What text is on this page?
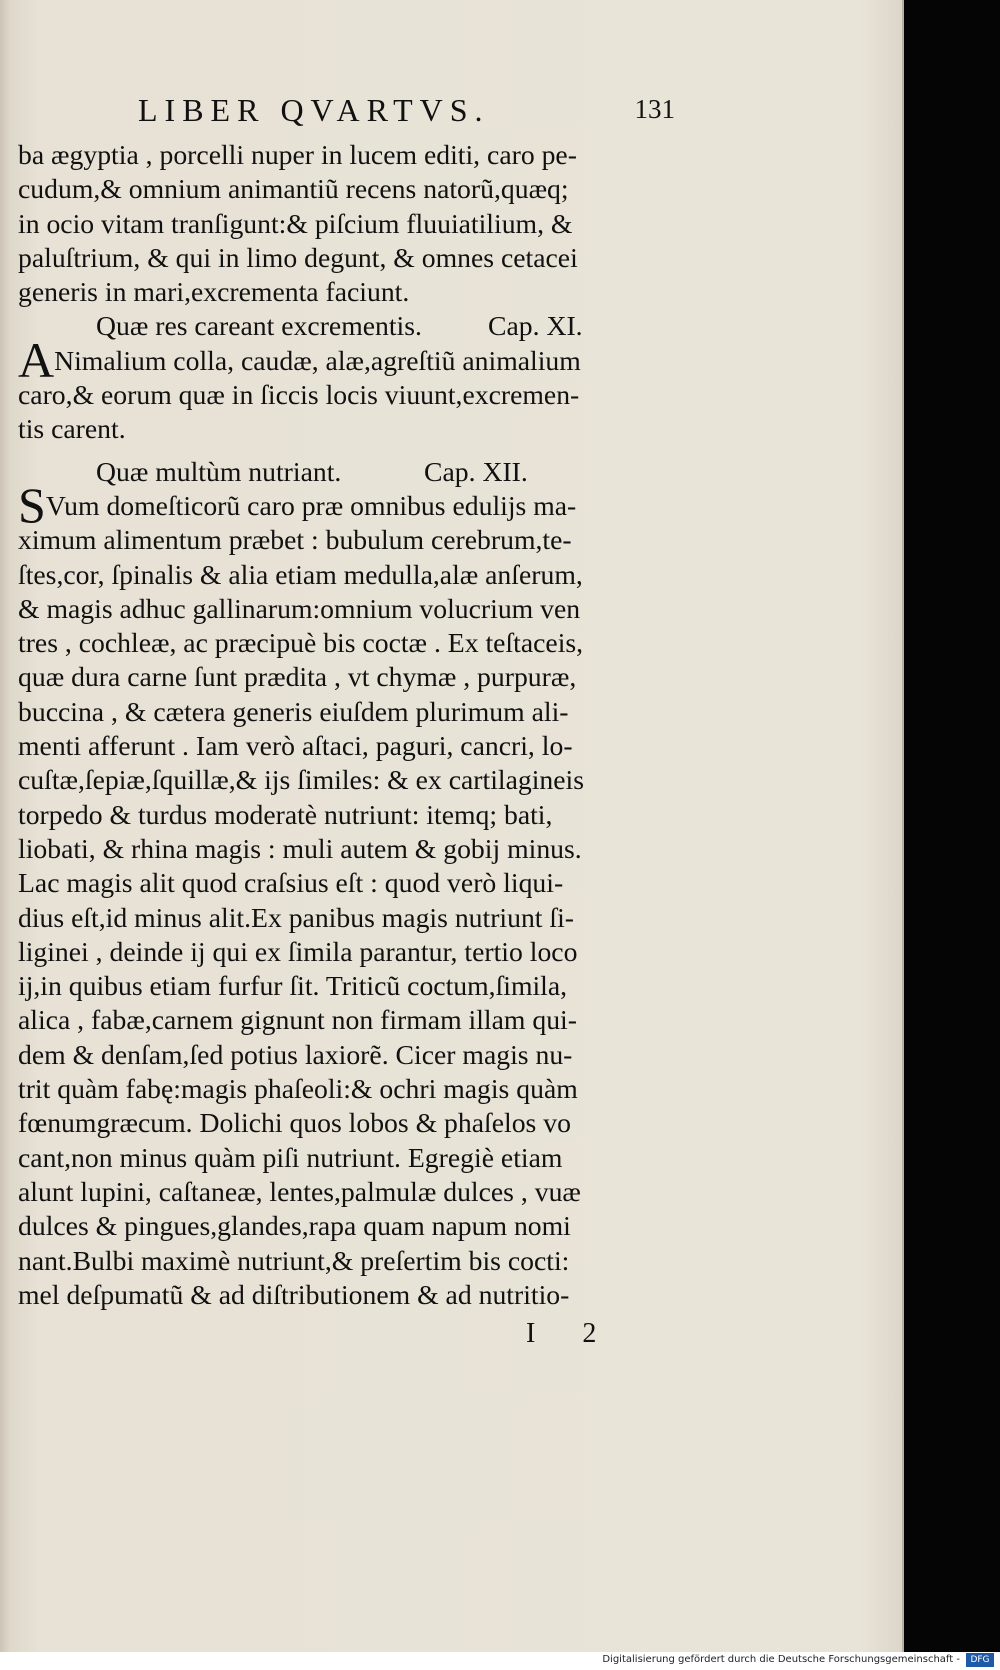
LIBER QVARTVS.	131
ba ægyptia , porcelli nuper in lucem editi, caro pe-
cudum,& omnium animantiũ recens natorũ,quæq;
in ocio vitam tranſigunt:& piſcium fluuiatilium, &
paluſtrium, & qui in limo degunt, & omnes cetacei
generis in mari,excrementa faciunt.
Quæ res careant excrementis. Cap. XI.
ANimalium colla, caudæ, alæ,agreſtiũ animalium
caro,& eorum quæ in ſiccis locis viuunt,excremen-
tis carent.
Quæ multùm nutriant.	Cap. XII.
SVum domeſticorũ caro præ omnibus edulijs ma-
ximum alimentum præbet : bubulum cerebrum,te-
ſtes,cor, ſpinalis & alia etiam medulla,alæ anſerum,
& magis adhuc gallinarum:omnium volucrium ven
tres , cochleæ, ac præcipuè bis coctæ . Ex teſtaceis,
quæ dura carne ſunt prædita , vt chymæ , purpuræ,
buccina , & cætera generis eiuſdem plurimum ali-
menti afferunt . Iam verò aſtaci, paguri, cancri, lo-
cuſtæ,ſepiæ,ſquillæ,& ijs ſimiles: & ex cartilagineis
torpedo & turdus moderatè nutriunt: itemq; bati,
liobati, & rhina magis : muli autem & gobij minus.
Lac magis alit quod craſsius eſt : quod verò liqui-
dius eſt,id minus alit.Ex panibus magis nutriunt ſi-
liginei , deinde ij qui ex ſimila parantur, tertio loco
ij,in quibus etiam furfur ſit. Triticũ coctum,ſimila,
alica , fabæ,carnem gignunt non firmam illam qui-
dem & denſam,ſed potius laxiorẽ. Cicer magis nu-
trit quàm fabę:magis phaſeoli:& ochri magis quàm
fœnumgræcum. Dolichi quos lobos & phaſelos vo
cant,non minus quàm piſi nutriunt. Egregiè etiam
alunt lupini, caſtaneæ, lentes,palmulæ dulces , vuæ
dulces & pingues,glandes,rapa quam napum nomi
nant.Bulbi maximè nutriunt,& preſertim bis cocti:
mel deſpumatũ & ad diſtributionem & ad nutritio-
I 2
Digitalisierung gefördert durch die Deutsche Forschungsgemeinschaft -	DFG
